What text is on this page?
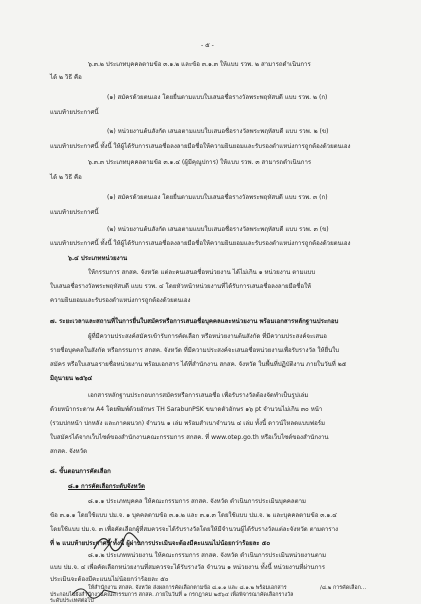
- ๕ -
๖.๓.๒ ประเภทบุคคลตามข้อ ๓.๑.๒ และข้อ ๓.๑.๓ ให้แบบ รวพ. ๒ สามารถดำเนินการ
ได้ ๒ วิธี คือ
(๑) สมัครด้วยตนเอง โดยยื่นตามแบบใบเสนอชื่อรางวัลพระพฤหัสบดี แบบ รวพ. ๒ (ก)
แนบท้ายประกาศนี้
(๒) หน่วยงานต้นสังกัด เสนอตามแบบใบเสนอชื่อรางวัลพระพฤหัสบดี แบบ รวพ. ๒ (ข)
แนบท้ายประกาศนี้ ทั้งนี้ ให้ผู้ได้รับการเสนอชื่อลงลายมือชื่อให้ความยินยอมและรับรองตำแหน่งการถูกต้องด้วยตนเอง
๖.๓.๓ ประเภทบุคคลตามข้อ ๓.๑.๔ (ผู้มีคุณูปการ) ให้แบบ รวพ. ๓ สามารถดำเนินการ
ได้ ๒ วิธี คือ
(๑) สมัครด้วยตนเอง โดยยื่นตามแบบใบเสนอชื่อรางวัลพระพฤหัสบดี แบบ รวพ. ๓ (ก)
แนบท้ายประกาศนี้
(๒) หน่วยงานต้นสังกัด เสนอตามแบบใบเสนอชื่อรางวัลพระพฤหัสบดี แบบ รวพ. ๓ (ข)
แนบท้ายประกาศนี้ ทั้งนี้ ให้ผู้ได้รับการเสนอชื่อลงลายมือชื่อให้ความยินยอมและรับรองตำแหน่งการถูกต้องด้วยตนเอง
๖.๔ ประเภทหน่วยงาน
ให้กรรมการ สกสค. จังหวัด แต่ละคนเสนอชื่อหน่วยงาน ได้ไม่เกิน ๑ หน่วยงาน ตามแบบ
ใบเสนอชื่อรางวัลพระพฤหัสบดี แบบ รวพ. ๔ โดยหัวหน้าหน่วยงานที่ได้รับการเสนอชื่อลงลายมือชื่อให้
ความยินยอมและรับรองตำแหน่งการถูกต้องด้วยตนเอง
๗. ระยะเวลาและสถานที่ในการยื่นใบสมัครหรือการเสนอชื่อบุคคลและหน่วยงาน พร้อมเอกสารหลักฐานประกอบ
ผู้ที่มีความประสงค์สมัครเข้ารับการคัดเลือก หรือหน่วยงานต้นสังกัด ที่มีความประสงค์จะเสนอ
รายชื่อบุคคลในสังกัด หรือกรรมการ สกสค. จังหวัด ที่มีความประสงค์จะเสนอชื่อหน่วยงานเพื่อรับรางวัล ให้ยื่นใบ
สมัคร หรือใบเสนอรายชื่อหน่วยงาน พร้อมเอกสาร ได้ที่สำนักงาน สกสค. จังหวัด ในพื้นที่ปฏิบัติงาน ภายในวันที่ ๒๕
มิถุนายน ๒๕๖๔
เอกสารหลักฐานประกอบการสมัครหรือการเสนอชื่อ เพื่อรับรางวัลต้องจัดทำเป็นรูปเล่ม
ด้วยหน้ากระดาษ A4 โดยพิมพ์ด้วยอักษร TH SarabunPSK ขนาดตัวอักษร ๑๖ pt จำนวนไม่เกิน ๓๐ หน้า
(รวมปกหน้า ปกหลัง และภาคผนวก) จำนวน ๑ เล่ม พร้อมสำเนาจำนวน ๔ เล่ม ทั้งนี้ ดาวน์โหลดแบบฟอร์ม
ใบสมัครได้จากเว็บไซต์ของสำนักงานคณะกรรมการ สกสค. ที่ www.otep.go.th หรือเว็บไซต์ของสำนักงาน
สกสค. จังหวัด
๘. ขั้นตอนการคัดเลือก
๘.๑ การคัดเลือกระดับจังหวัด
๘.๑.๑ ประเภทบุคคล ให้คณะกรรมการ สกสค. จังหวัด ดำเนินการประเมินบุคคลตาม
ข้อ ๓.๑.๑ โดยใช้แบบ ปม.จ. ๑ บุคคลตามข้อ ๓.๑.๒ และ ๓.๑.๓ โดยใช้แบบ ปม.จ. ๒ และบุคคลตามข้อ ๓.๑.๔
โดยใช้แบบ ปม.จ. ๓ เพื่อคัดเลือกผู้ที่สมควรจะได้รับรางวัลโดยให้มีจำนวนผู้ได้รับรางวัลแต่ละจังหวัด ตามตาราง
ที่ ๒ แนบท้ายประกาศนี้ ทั้งนี้ ผู้ผ่านการประเมินจะต้องมีคะแนนไม่น้อยกว่าร้อยละ ๕๐
๘.๑.๒ ประเภทหน่วยงาน ให้คณะกรรมการ สกสค. จังหวัด ดำเนินการประเมินหน่วยงานตาม
แบบ ปม.จ. ๔ เพื่อคัดเลือกหน่วยงานที่สมควรจะได้รับรางวัล จำนวน ๑ หน่วยงาน ทั้งนี้ หน่วยงานที่ผ่านการ
ประเมินจะต้องมีคะแนนไม่น้อยกว่าร้อยละ ๕๐
ให้สำนักงาน สกสค. จังหวัด ส่งผลการคัดเลือกตามข้อ ๘.๑.๑ และ ๘.๑.๒ พร้อมเอกสาร
ประกอบไปยังสำนักงานคณะกรรมการ สกสค. ภายในวันที่ ๑ กรกฎาคม ๒๕๖๔ เพื่อพิจารณาคัดเลือกรางวัล
ระดับประเทศต่อไป
/๘.๒ การคัดเลือก...
